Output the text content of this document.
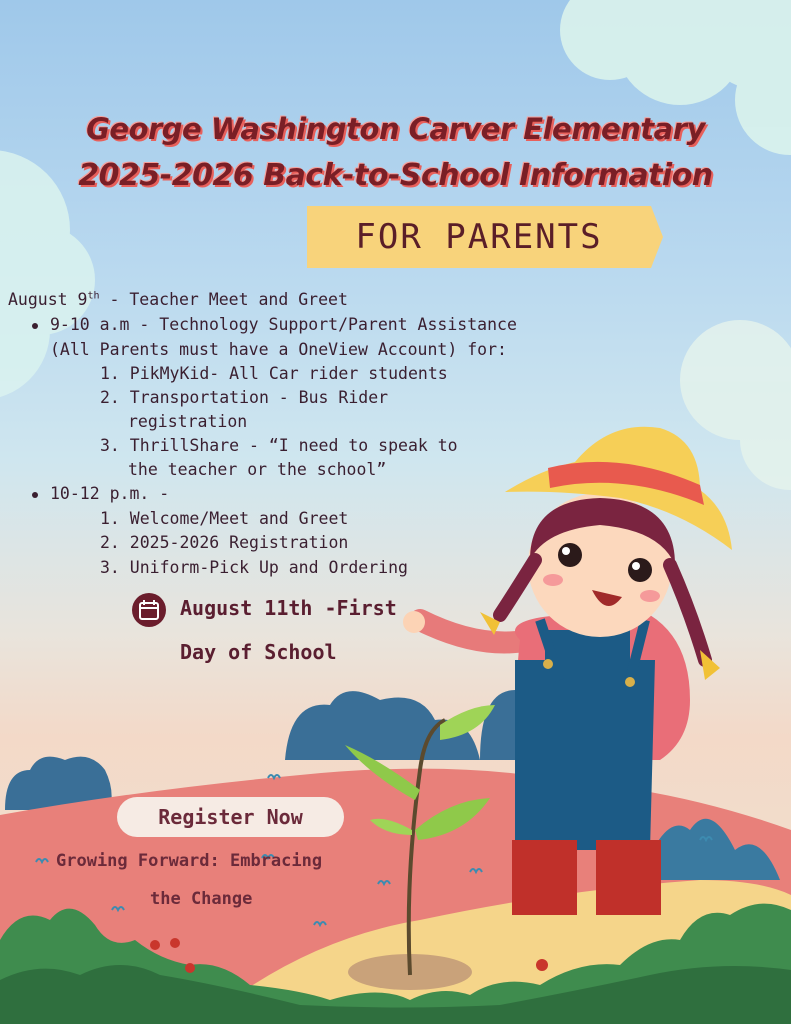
George Washington Carver Elementary
2025-2026 Back-to-School Information
FOR PARENTS
August 9th - Teacher Meet and Greet
9-10 a.m - Technology Support/Parent Assistance
(All Parents must have a OneView Account) for:
1. PikMyKid- All Car rider students
2. Transportation - Bus Rider
registration
3. ThrillShare - “I need to speak to
the teacher or the school”
10-12 p.m. -
1. Welcome/Meet and Greet
2. 2025-2026 Registration
3. Uniform-Pick Up and Ordering
August 11th -First
Day of School
Register Now
Growing Forward: Embracing
the Change
